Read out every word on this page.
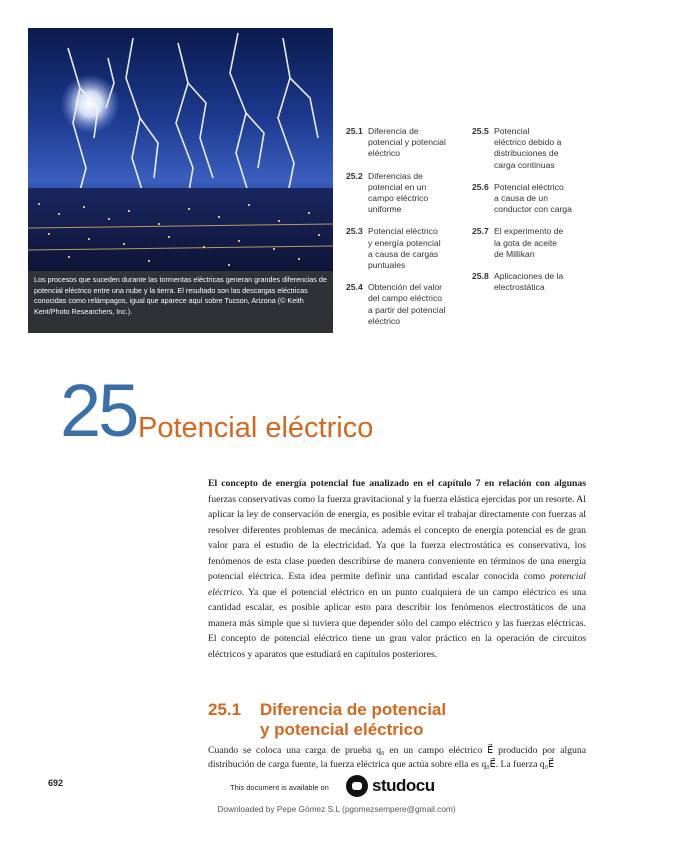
Los procesos que suceden durante las tormentas eléctricas generan grandes diferencias de potencial eléctrico entre una nube y la tierra. El resultado son las descargas eléctricas conocidas como relámpagos, igual que aparece aquí sobre Tucson, Arizona (© Keith Kent/Photo Researchers, Inc.).
25.1 Diferencia de
potencial y potencial
eléctrico
25.2 Diferencias de
potencial en un
campo eléctrico
uniforme
25.3 Potencial eléctrico
y energía potencial
a causa de cargas
puntuales
25.4 Obtención del valor
del campo eléctrico
a partir del potencial
eléctrico
25.5 Potencial
eléctrico debido a
distribuciones de
carga continuas
25.6 Potencial eléctrico
a causa de un
conductor con carga
25.7 El experimento de
la gota de aceite
de Millikan
25.8 Aplicaciones de la
electrostática
25 Potencial eléctrico
El concepto de energía potencial fue analizado en el capítulo 7 en relación con algunas fuerzas conservativas como la fuerza gravitacional y la fuerza elástica ejercidas por un resorte. Al aplicar la ley de conservación de energía, es posible evitar el trabajar directamente con fuerzas al resolver diferentes problemas de mecánica. además el concepto de energía potencial es de gran valor para el estudio de la electricidad. Ya que la fuerza electrostática es conservativa, los fenómenos de esta clase pueden describirse de manera conveniente en términos de una energía potencial eléctrica. Esta idea permite definir una cantidad escalar conocida como potencial eléctrico. Ya que el potencial eléctrico en un punto cualquiera de un campo eléctrico es una cantidad escalar, es posible aplicar esto para describir los fenómenos electrostáticos de una manera más simple que si tuviera que depender sólo del campo eléctrico y las fuerzas eléctricas. El concepto de potencial eléctrico tiene un gran valor práctico en la operación de circuitos eléctricos y aparatos que estudiará en capítulos posteriores.
25.1 Diferencia de potencial
y potencial eléctrico
Cuando se coloca una carga de prueba q₀ en un campo eléctrico E⃗ producido por alguna distribución de carga fuente, la fuerza eléctrica que actúa sobre ella es q₀E⃗. La fuerza q₀E⃗
692	This document is available on	studocu
Downloaded by Pepe Gómez S.L (pgomezsempere@gmail.com)
